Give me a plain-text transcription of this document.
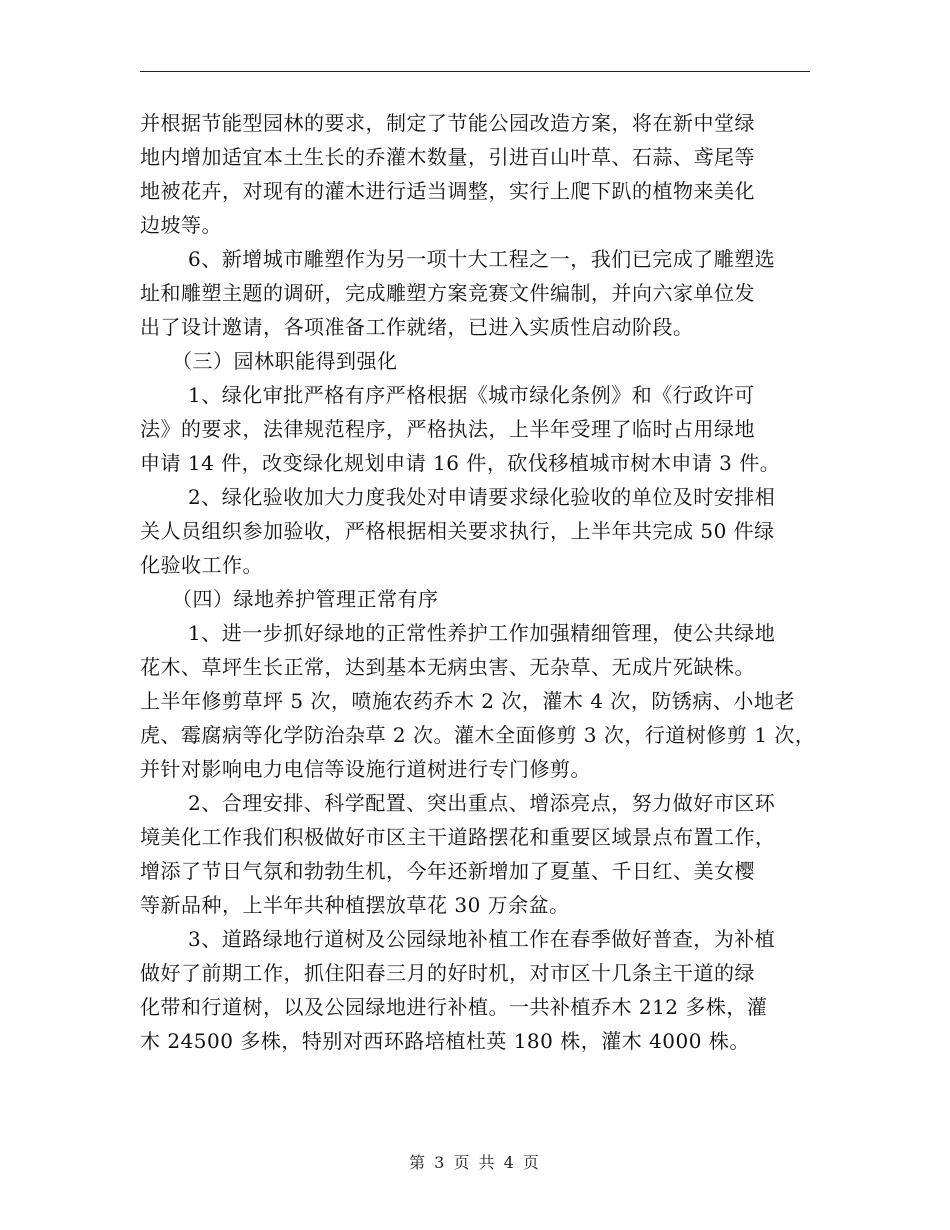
并根据节能型园林的要求，制定了节能公园改造方案，将在新中堂绿
地内增加适宜本土生长的乔灌木数量，引进百山叶草、石蒜、鸢尾等
地被花卉，对现有的灌木进行适当调整，实行上爬下趴的植物来美化
边坡等。
6、新增城市雕塑作为另一项十大工程之一，我们已完成了雕塑选
址和雕塑主题的调研，完成雕塑方案竞赛文件编制，并向六家单位发
出了设计邀请，各项准备工作就绪，已进入实质性启动阶段。
（三）园林职能得到强化
1、绿化审批严格有序严格根据《城市绿化条例》和《行政许可
法》的要求，法律规范程序，严格执法，上半年受理了临时占用绿地
申请 14 件，改变绿化规划申请 16 件，砍伐移植城市树木申请 3 件。
2、绿化验收加大力度我处对申请要求绿化验收的单位及时安排相
关人员组织参加验收，严格根据相关要求执行，上半年共完成 50 件绿
化验收工作。
（四）绿地养护管理正常有序
1、进一步抓好绿地的正常性养护工作加强精细管理，使公共绿地
花木、草坪生长正常，达到基本无病虫害、无杂草、无成片死缺株。
上半年修剪草坪 5 次，喷施农药乔木 2 次，灌木 4 次，防锈病、小地老
虎、霉腐病等化学防治杂草 2 次。灌木全面修剪 3 次，行道树修剪 1 次，
并针对影响电力电信等设施行道树进行专门修剪。
2、合理安排、科学配置、突出重点、增添亮点，努力做好市区环
境美化工作我们积极做好市区主干道路摆花和重要区域景点布置工作，
增添了节日气氛和勃勃生机，今年还新增加了夏堇、千日红、美女樱
等新品种，上半年共种植摆放草花 30 万余盆。
3、道路绿地行道树及公园绿地补植工作在春季做好普查，为补植
做好了前期工作，抓住阳春三月的好时机，对市区十几条主干道的绿
化带和行道树，以及公园绿地进行补植。一共补植乔木 212 多株，灌
木 24500 多株，特别对西环路培植杜英 180 株，灌木 4000 株。
第 3 页 共 4 页
